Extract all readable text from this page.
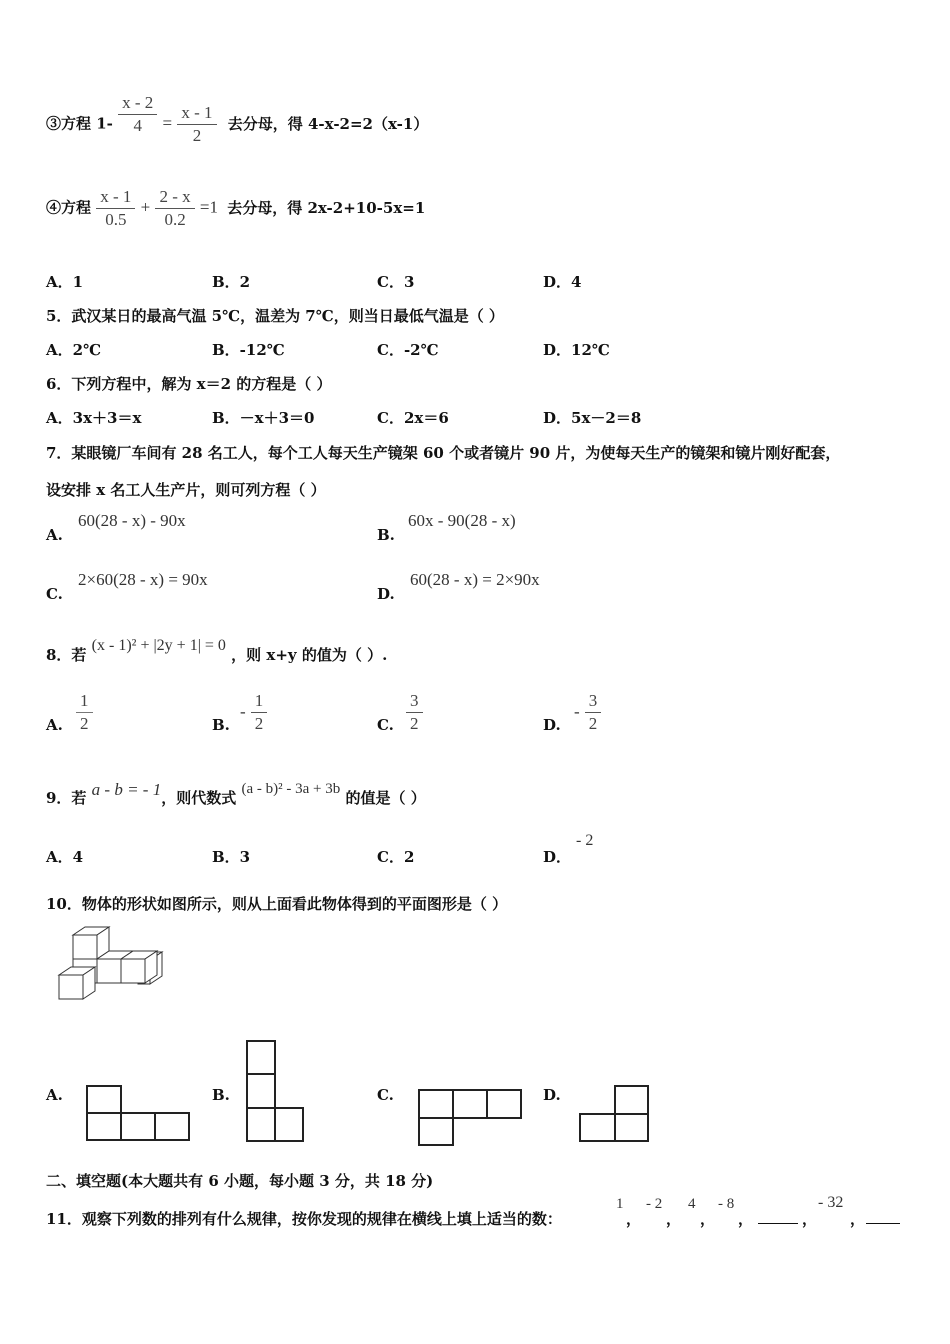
③方程 $1- \frac{x - 2}{4} = \frac{x - 1}{2}$ 去分母，得 4-x-2=2（x-1）
④方程 $\frac{x - 1}{0.5} + \frac{2 - x}{0.2} =1$ 去分母，得 2x-2+10-5x=1
A．1	B．2	C．3	D．4
5．武汉某日的最高气温 5℃，温差为 7℃，则当日最低气温是（ ）
A．2℃	B．-12℃	C．-2℃	D．12℃
6．下列方程中，解为 x＝2 的方程是（ ）
A．3x＋3＝x	B．－x＋3＝0	C．2x＝6	D．5x－2＝8
7．某眼镜厂车间有 28 名工人，每个工人每天生产镜架 60 个或者镜片 90 片，为使每天生产的镜架和镜片刚好配套，
设安排 x 名工人生产片，则可列方程（ ）
A.
60(28 - x) - 90x
B.
60x - 90(28 - x)
C.
2×60(28 - x) = 90x
D.
60(28 - x) = 2×90x
8．若 (x - 1)² + |2y + 1| = 0 ，则 x+y 的值为（ ）.
A. $\frac{1}{2}$	B.
- $\frac{1}{2}$	C. $\frac{3}{2}$	D.
- $\frac{3}{2}$
9．若 a - b = - 1，则代数式 (a - b)² - 3a + 3b 的值是（ ）
A．4	B．3	C．2	D．
- 2
10．物体的形状如图所示，则从上面看此物体得到的平面图形是（ ）
A.	B.	C.	D.
二、填空题(本大题共有 6 小题，每小题 3 分，共 18 分)
11．观察下列数的排列有什么规律，按你发现的规律在横线上填上适当的数：
1
，
- 2
，
4
，
- 8
，	，
- 32
，
